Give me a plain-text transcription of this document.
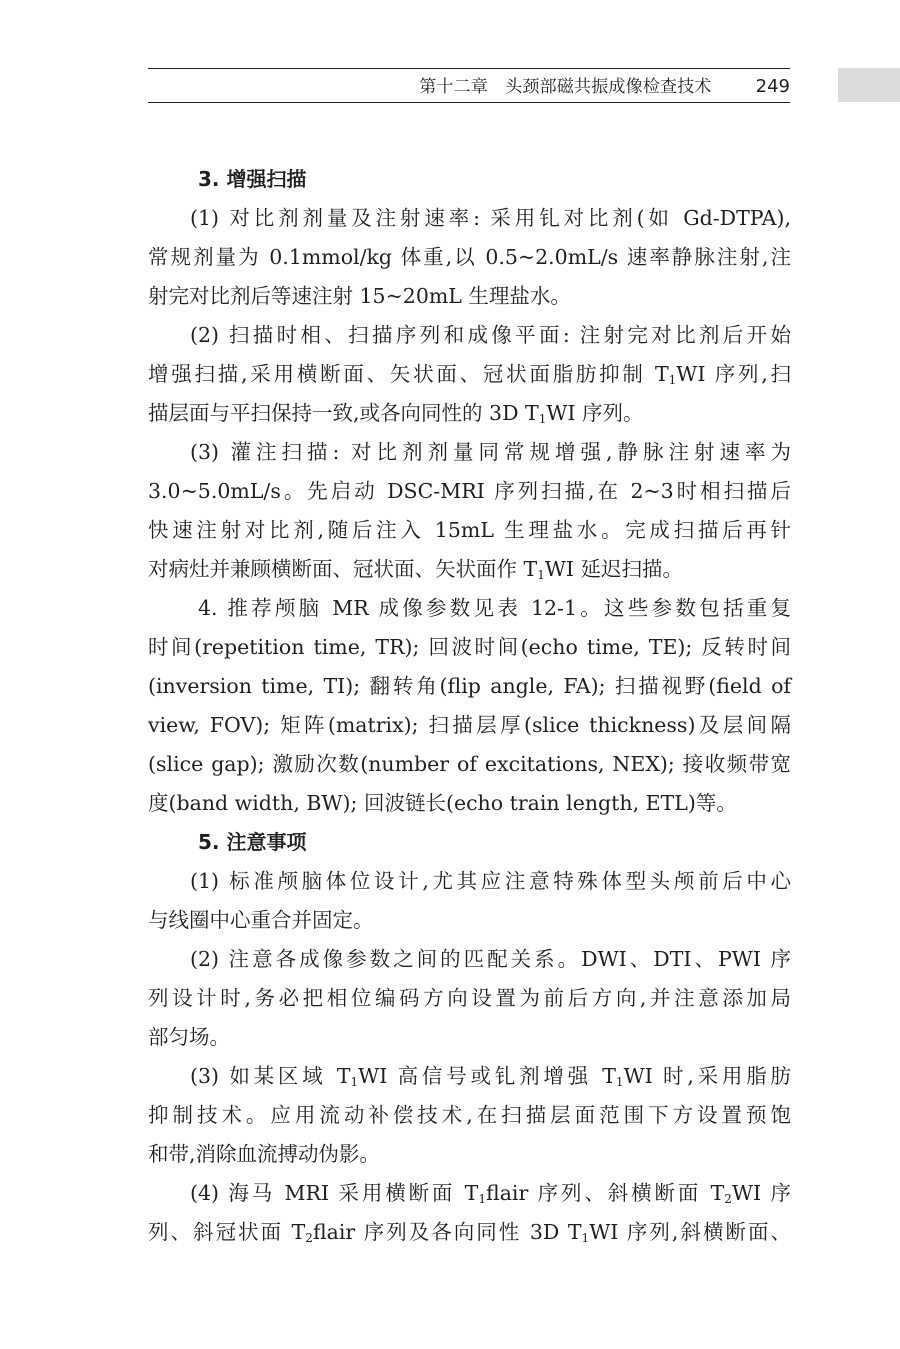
第十二章　头颈部磁共振成像检查技术 249
3. 增强扫描
(1) 对比剂剂量及注射速率: 采用钆对比剂(如 Gd-DTPA),
常规剂量为 0.1mmol/kg 体重,以 0.5~2.0mL/s 速率静脉注射,注
射完对比剂后等速注射 15~20mL 生理盐水。
(2) 扫描时相、扫描序列和成像平面: 注射完对比剂后开始
增强扫描,采用横断面、矢状面、冠状面脂肪抑制 $T_1WI$ 序列,扫
描层面与平扫保持一致,或各向同性的 3D $T_1WI$ 序列。
(3) 灌注扫描: 对比剂剂量同常规增强,静脉注射速率为
3.0~5.0mL/s。先启动 DSC-MRI 序列扫描,在 2~3时相扫描后
快速注射对比剂,随后注入 15mL 生理盐水。完成扫描后再针
对病灶并兼顾横断面、冠状面、矢状面作 $T_1WI$ 延迟扫描。
4. 推荐颅脑 MR 成像参数见表 12-1。这些参数包括重复
时间(repetition time, TR); 回波时间(echo time, TE); 反转时间
(inversion time, TI); 翻转角(flip angle, FA); 扫描视野(field of
view, FOV); 矩阵(matrix); 扫描层厚(slice thickness)及层间隔
(slice gap); 激励次数(number of excitations, NEX); 接收频带宽
度(band width, BW); 回波链长(echo train length, ETL)等。
5. 注意事项
(1) 标准颅脑体位设计,尤其应注意特殊体型头颅前后中心
与线圈中心重合并固定。
(2) 注意各成像参数之间的匹配关系。DWI、DTI、PWI 序
列设计时,务必把相位编码方向设置为前后方向,并注意添加局
部匀场。
(3) 如某区域 $T_1WI$ 高信号或钆剂增强 $T_1WI$ 时,采用脂肪
抑制技术。应用流动补偿技术,在扫描层面范围下方设置预饱
和带,消除血流搏动伪影。
(4) 海马 MRI 采用横断面 $T_1flair$ 序列、斜横断面 $T_2WI$ 序
列、斜冠状面 $T_2flair$ 序列及各向同性 3D $T_1WI$ 序列,斜横断面、
